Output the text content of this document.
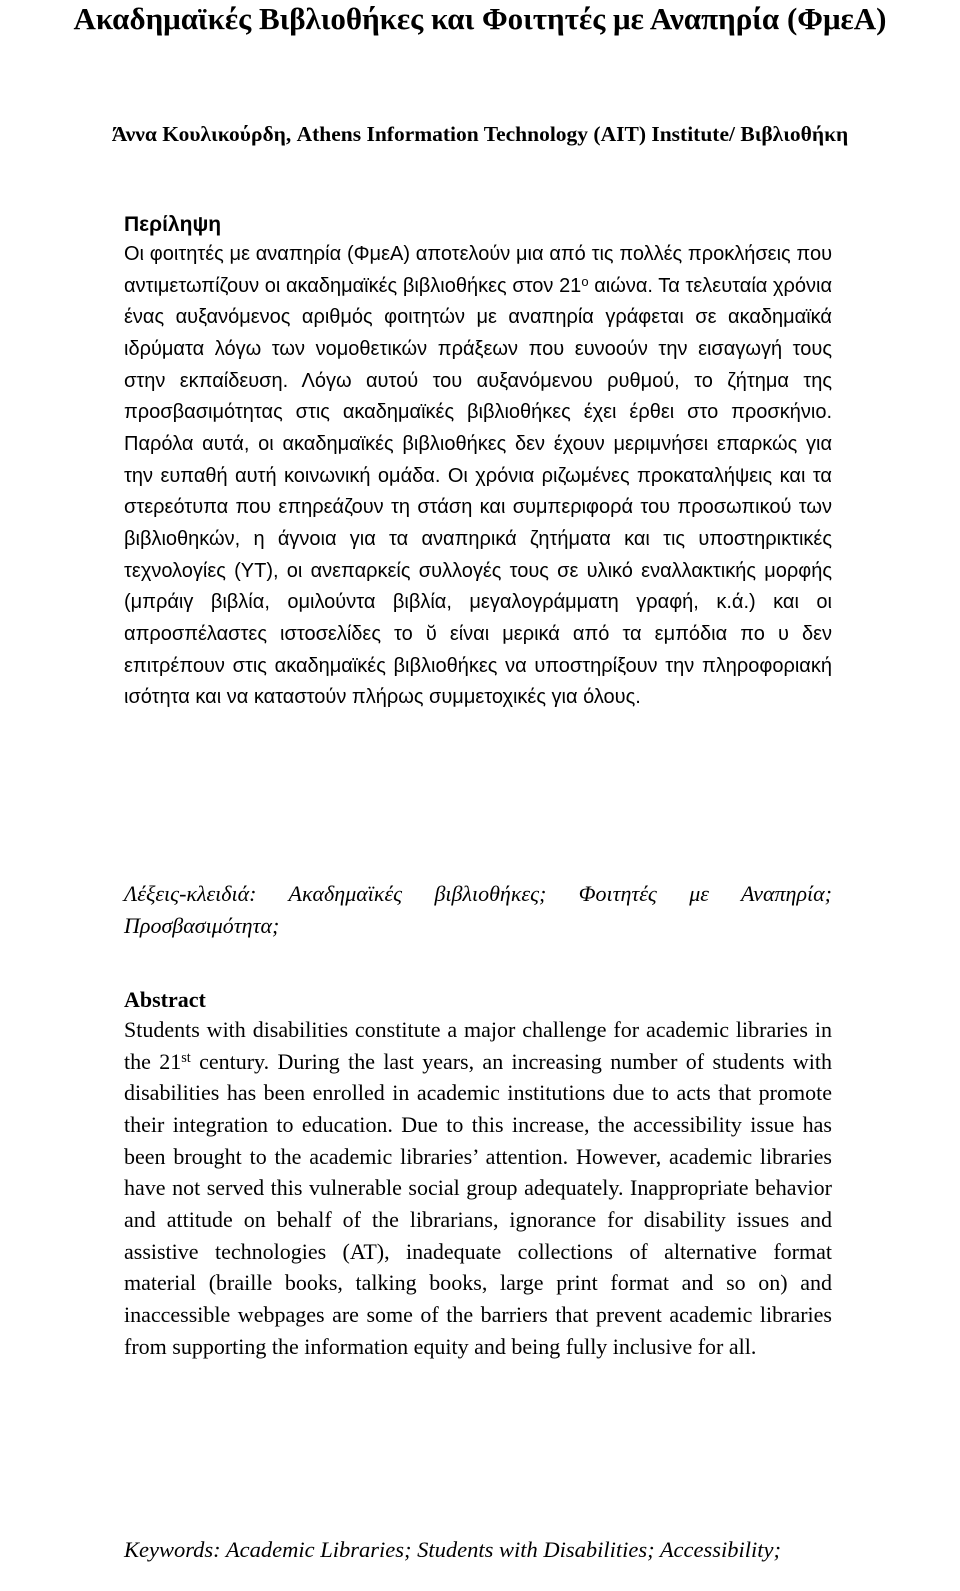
Ακαδημαϊκές Βιβλιοθήκες και Φοιτητές με Αναπηρία (ΦμεΑ)

Άννα Κουλικούρδη, Athens Information Technology (AIT) Institute/ Βιβλιοθήκη

Περίληψη

Οι φοιτητές με αναπηρία (ΦμεΑ) αποτελούν μια από τις πολλές προκλήσεις που αντιμετωπίζουν οι ακαδημαϊκές βιβλιοθήκες στον $21^o$ αιώνα. Τα τελευταία χρόνια ένας αυξανόμενος αριθμός φοιτητών με αναπηρία γράφεται σε ακαδημαϊκά ιδρύματα λόγω των νομοθετικών πράξεων που ευνοούν την εισαγωγή τους στην εκπαίδευση. Λόγω αυτού του αυξανόμενου ρυθμού, το ζήτημα της προσβασιμότητας στις ακαδημαϊκές βιβλιοθήκες έχει έρθει στο προσκήνιο. Παρόλα αυτά, οι ακαδημαϊκές βιβλιοθήκες δεν έχουν μεριμνήσει επαρκώς για την ευπαθή αυτή κοινωνική ομάδα. Οι χρόνια ριζωμένες προκαταλήψεις και τα στερεότυπα που επηρεάζουν τη στάση και συμπεριφορά του προσωπικού των βιβλιοθηκών, η άγνοια για τα αναπηρικά ζητήματα και τις υποστηρικτικές τεχνολογίες (ΥΤ), οι ανεπαρκείς συλλογές τους σε υλικό εναλλακτικής μορφής (μπράιγ βιβλία, ομιλούντα βιβλία, μεγαλογράμματη γραφή, κ.ά.) και οι απροσπέλαστες ιστοσελίδες το ῠ είναι μερικά από τα εμπόδια πο υ δεν επιτρέπουν στις ακαδημαϊκές βιβλιοθήκες να υποστηρίξουν την πληροφοριακή ισότητα και να καταστούν πλήρως συμμετοχικές για όλους.

Λέξεις-κλειδιά: Ακαδημαϊκές βιβλιοθήκες; Φοιτητές με Αναπηρία; Προσβασιμότητα;

Abstract

Students with disabilities constitute a major challenge for academic libraries in the 21st century. During the last years, an increasing number of students with disabilities has been enrolled in academic institutions due to acts that promote their integration to education. Due to this increase, the accessibility issue has been brought to the academic libraries’ attention. However, academic libraries have not served this vulnerable social group adequately. Inappropriate behavior and attitude on behalf of the librarians, ignorance for disability issues and assistive technologies (AT), inadequate collections of alternative format material (braille books, talking books, large print format and so on) and inaccessible webpages are some of the barriers that prevent academic libraries from supporting the information equity and being fully inclusive for all.

Keywords: Academic Libraries; Students with Disabilities; Accessibility;
